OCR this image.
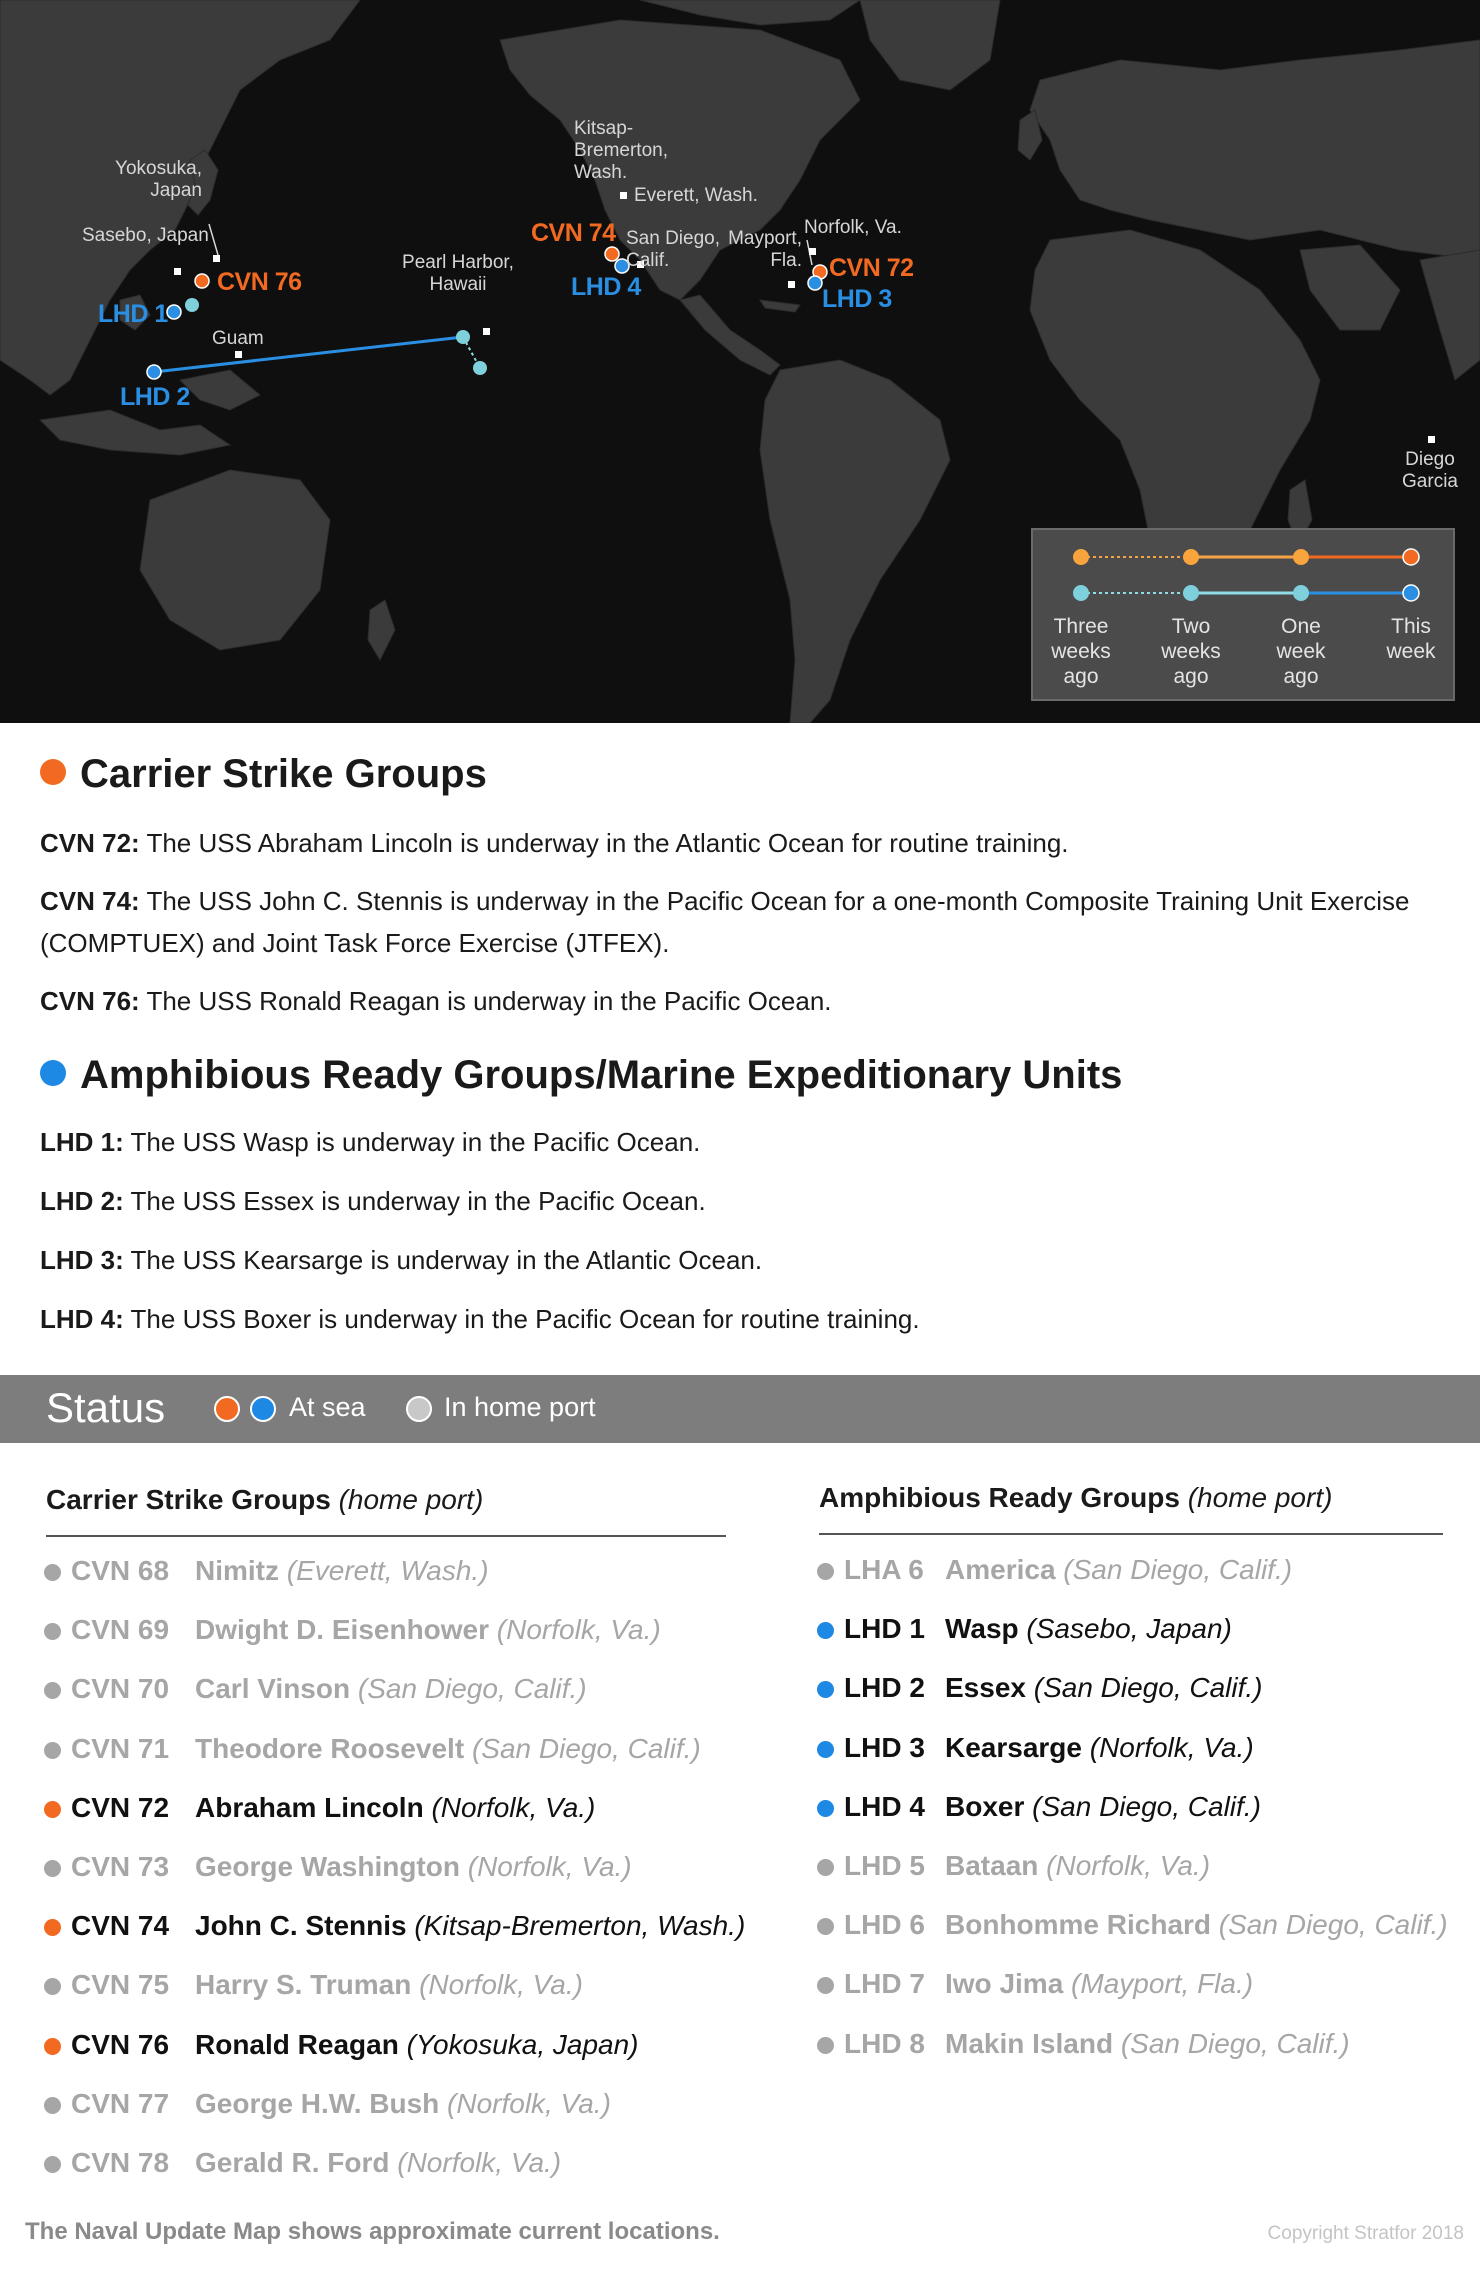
Yokosuka,
Japan
Sasebo, Japan
Guam
Pearl Harbor,
Hawaii
Kitsap-
Bremerton,
Wash.
Everett, Wash.
San Diego,
Calif.
Mayport,
Fla.
Norfolk, Va.
Diego
Garcia
CVN 76
CVN 74
CVN 72
LHD 1
LHD 2
LHD 3
LHD 4
Three
weeks
ago
Two
weeks
ago
One
week
ago
This
week
Carrier Strike Groups
CVN 72: The USS Abraham Lincoln is underway in the Atlantic Ocean for routine training.
CVN 74: The USS John C. Stennis is underway in the Pacific Ocean for a one-month Composite Training Unit Exercise (COMPTUEX) and Joint Task Force Exercise (JTFEX).
CVN 76: The USS Ronald Reagan is underway in the Pacific Ocean.
Amphibious Ready Groups/Marine Expeditionary Units
LHD 1: The USS Wasp is underway in the Pacific Ocean.
LHD 2: The USS Essex is underway in the Pacific Ocean.
LHD 3: The USS Kearsarge is underway in the Atlantic Ocean.
LHD 4: The USS Boxer is underway in the Pacific Ocean for routine training.
Status	At sea	In home port
Carrier Strike Groups (home port)
CVN 68 Nimitz (Everett, Wash.)
CVN 69 Dwight D. Eisenhower (Norfolk, Va.)
CVN 70 Carl Vinson (San Diego, Calif.)
CVN 71 Theodore Roosevelt (San Diego, Calif.)
CVN 72 Abraham Lincoln (Norfolk, Va.)
CVN 73 George Washington (Norfolk, Va.)
CVN 74 John C. Stennis (Kitsap-Bremerton, Wash.)
CVN 75 Harry S. Truman (Norfolk, Va.)
CVN 76 Ronald Reagan (Yokosuka, Japan)
CVN 77 George H.W. Bush (Norfolk, Va.)
CVN 78 Gerald R. Ford (Norfolk, Va.)
Amphibious Ready Groups (home port)
LHA 6 America (San Diego, Calif.)
LHD 1 Wasp (Sasebo, Japan)
LHD 2 Essex (San Diego, Calif.)
LHD 3 Kearsarge (Norfolk, Va.)
LHD 4 Boxer (San Diego, Calif.)
LHD 5 Bataan (Norfolk, Va.)
LHD 6 Bonhomme Richard (San Diego, Calif.)
LHD 7 Iwo Jima (Mayport, Fla.)
LHD 8 Makin Island (San Diego, Calif.)
The Naval Update Map shows approximate current locations.	Copyright Stratfor 2018
